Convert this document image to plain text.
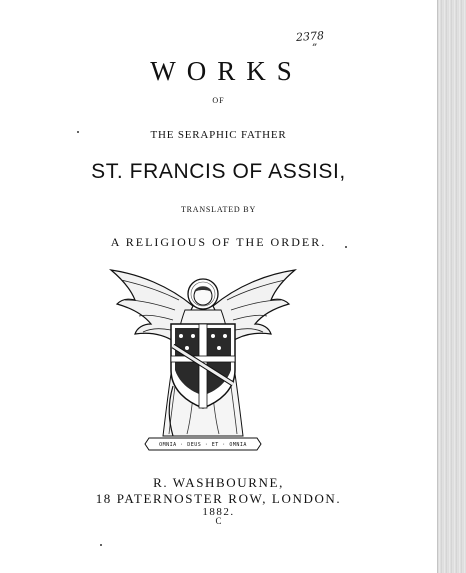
2378
”
WORKS
OF
THE SERAPHIC FATHER
ST. FRANCIS OF ASSISI,
TRANSLATED BY
A RELIGIOUS OF THE ORDER.
OMNIA · DEUS · ET · OMNIA
R. WASHBOURNE,
18 PATERNOSTER ROW, LONDON.
1882.
C
